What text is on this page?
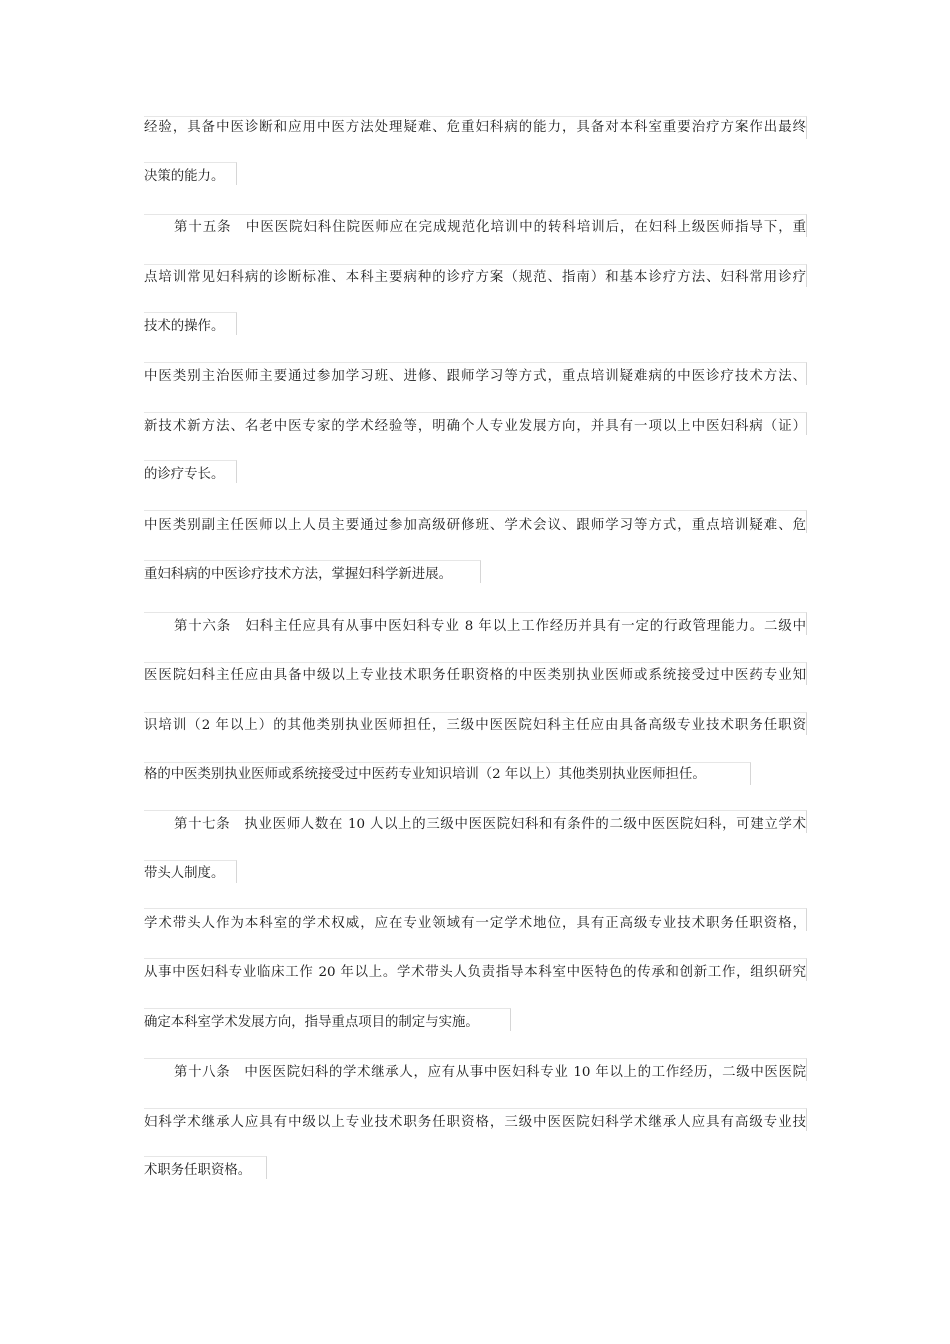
经验，具备中医诊断和应用中医方法处理疑难、危重妇科病的能力，具备对本科室重要治疗方案作出最终
决策的能力。
第十五条　中医医院妇科住院医师应在完成规范化培训中的转科培训后，在妇科上级医师指导下，重
点培训常见妇科病的诊断标准、本科主要病种的诊疗方案（规范、指南）和基本诊疗方法、妇科常用诊疗
技术的操作。
中医类别主治医师主要通过参加学习班、进修、跟师学习等方式，重点培训疑难病的中医诊疗技术方法、
新技术新方法、名老中医专家的学术经验等，明确个人专业发展方向，并具有一项以上中医妇科病（证）
的诊疗专长。
中医类别副主任医师以上人员主要通过参加高级研修班、学术会议、跟师学习等方式，重点培训疑难、危
重妇科病的中医诊疗技术方法，掌握妇科学新进展。
第十六条　妇科主任应具有从事中医妇科专业 8 年以上工作经历并具有一定的行政管理能力。二级中
医医院妇科主任应由具备中级以上专业技术职务任职资格的中医类别执业医师或系统接受过中医药专业知
识培训（2 年以上）的其他类别执业医师担任，三级中医医院妇科主任应由具备高级专业技术职务任职资
格的中医类别执业医师或系统接受过中医药专业知识培训（2 年以上）其他类别执业医师担任。
第十七条　执业医师人数在 10 人以上的三级中医医院妇科和有条件的二级中医医院妇科，可建立学术
带头人制度。
学术带头人作为本科室的学术权威，应在专业领域有一定学术地位，具有正高级专业技术职务任职资格，
从事中医妇科专业临床工作 20 年以上。学术带头人负责指导本科室中医特色的传承和创新工作，组织研究
确定本科室学术发展方向，指导重点项目的制定与实施。
第十八条　中医医院妇科的学术继承人，应有从事中医妇科专业 10 年以上的工作经历，二级中医医院
妇科学术继承人应具有中级以上专业技术职务任职资格，三级中医医院妇科学术继承人应具有高级专业技
术职务任职资格。
